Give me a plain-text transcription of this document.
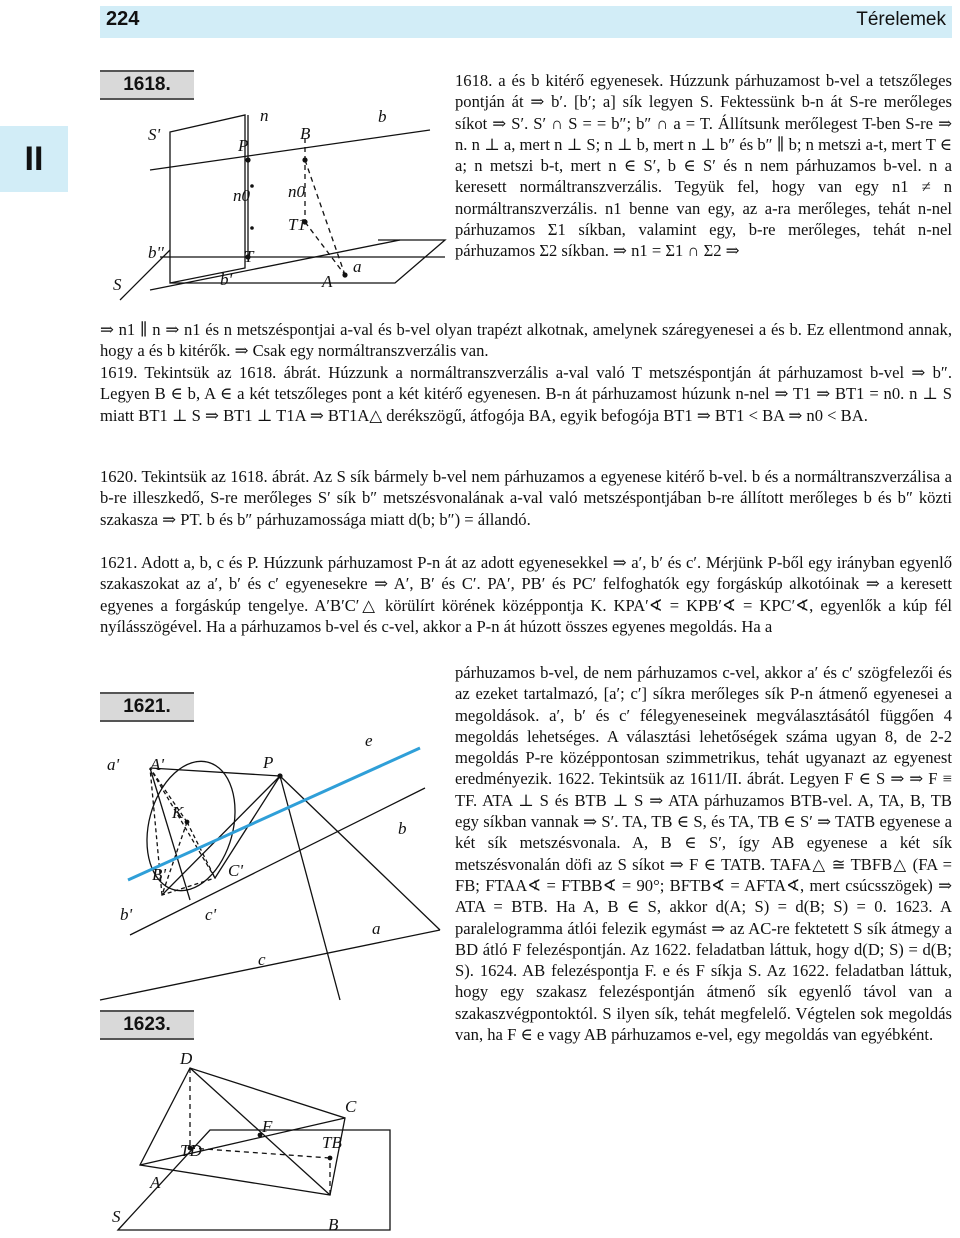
224	Térelemek
II
1618.
1621.
1623.
S'
P
n
B
b
n0 n0
T1
b''	T
a
S	b'	A
a' A'	P
e
K
b
B'	C'
b'	c'
a
c
D
C
F
TB
TD
A
S	B

1618. a és b kitérő egyenesek. Húzzunk párhuzamost b-vel a tetszőleges pontján át ⇒ b′. [b′; a] sík legyen S. Fektessünk b-n át S-re merőleges síkot ⇒ S′. S′ ∩ S = = b″; b″ ∩ a = T. Állítsunk merőlegest T-ben S-re ⇒ n. n ⊥ a, mert n ⊥ S; n ⊥ b, mert n ⊥ b″ és b″ ∥ b; n metszi a-t, mert T ∈ a; n metszi b-t, mert n ∈ S′, b ∈ S′ és n nem párhuzamos b-vel. n a keresett normáltranszverzális. Tegyük fel, hogy van egy n1 ≠ n normáltranszverzális. n1 benne van egy, az a-ra merőleges, tehát n-nel párhuzamos Σ1 síkban, valamint egy, b-re merőleges, tehát n-nel párhuzamos Σ2 síkban. ⇒ n1 = Σ1 ∩ Σ2 ⇒

⇒ n1 ∥ n ⇒ n1 és n metszéspontjai a-val és b-vel olyan trapézt alkotnak, amelynek száregyenesei a és b. Ez ellentmond annak, hogy a és b kitérők. ⇒ Csak egy normáltranszverzális van.

1619. Tekintsük az 1618. ábrát. Húzzunk a normáltranszverzális a-val való T metszéspontján át párhuzamost b-vel ⇒ b″. Legyen B ∈ b, A ∈ a két tetszőleges pont a két kitérő egyenesen. B-n át párhuzamost húzunk n-nel ⇒ T1 ⇒ BT1 = n0. n ⊥ S miatt BT1 ⊥ S ⇒ BT1 ⊥ T1A ⇒ BT1A△ derékszögű, átfogója BA, egyik befogója BT1 ⇒ BT1 < BA ⇒ n0 < BA.

1620. Tekintsük az 1618. ábrát. Az S sík bármely b-vel nem párhuzamos a egyenese kitérő b-vel. b és a normáltranszverzálisa a b-re illeszkedő, S-re merőleges S′ sík b″ metszésvonalának a-val való metszéspontjában b-re állított merőleges b és b″ közti szakasza ⇒ PT. b és b″ párhuzamossága miatt d(b; b″) = állandó.

1621. Adott a, b, c és P. Húzzunk párhuzamost P-n át az adott egyenesekkel ⇒ a′, b′ és c′. Mérjünk P-ből egy irányban egyenlő szakaszokat az a′, b′ és c′ egyenesekre ⇒ A′, B′ és C′. PA′, PB′ és PC′ felfoghatók egy forgáskúp alkotóinak ⇒ a keresett egyenes a forgáskúp tengelye. A′B′C′△ körülírt körének középpontja K. KPA′∢ = KPB′∢ = KPC′∢, egyenlők a kúp fél nyílásszögével. Ha a párhuzamos b-vel és c-vel, akkor a P-n át húzott összes egyenes megoldás. Ha a

párhuzamos b-vel, de nem párhuzamos c-vel, akkor a′ és c′ szögfelezői és az ezeket tartalmazó, [a′; c′] síkra merőleges sík P-n átmenő egyenesei a megoldások. a′, b′ és c′ félegyeneseinek megválasztásától függően 4 megoldás lehetséges. A választási lehetőségek száma ugyan 8, de 2-2 megoldás P-re középpontosan szimmetrikus, tehát ugyanazt az egyenest eredményezik. 1622. Tekintsük az 1611/II. ábrát. Legyen F ∈ S ⇒ ⇒ F ≡ TF. ATA ⊥ S és BTB ⊥ S ⇒ ATA párhuzamos BTB-vel. A, TA, B, TB egy síkban vannak ⇒ S′. TA, TB ∈ S, és TA, TB ∈ S′ ⇒ TATB egyenese a két sík metszésvonala. A, B ∈ S′, így AB egyenese a két sík metszésvonalán döfi az S síkot ⇒ F ∈ TATB. TAFA△ ≅ TBFB△ (FA = FB; FTAA∢ = FTBB∢ = 90°; BFTB∢ = AFTA∢, mert csúcsszögek) ⇒ ATA = BTB. Ha A, B ∈ S, akkor d(A; S) = d(B; S) = 0. 1623. A paralelogramma átlói felezik egymást ⇒ az AC-re fektetett S sík átmegy a BD átló F felezéspontján. Az 1622. feladatban láttuk, hogy d(D; S) = d(B; S). 1624. AB felezéspontja F. e és F síkja S. Az 1622. feladatban láttuk, hogy egy szakasz felezéspontján átmenő sík egyenlő távol van a szakaszvégpontoktól. S ilyen sík, tehát megfelelő. Végtelen sok megoldás van, ha F ∈ e vagy AB párhuzamos e-vel, egy megoldás van egyébként.
